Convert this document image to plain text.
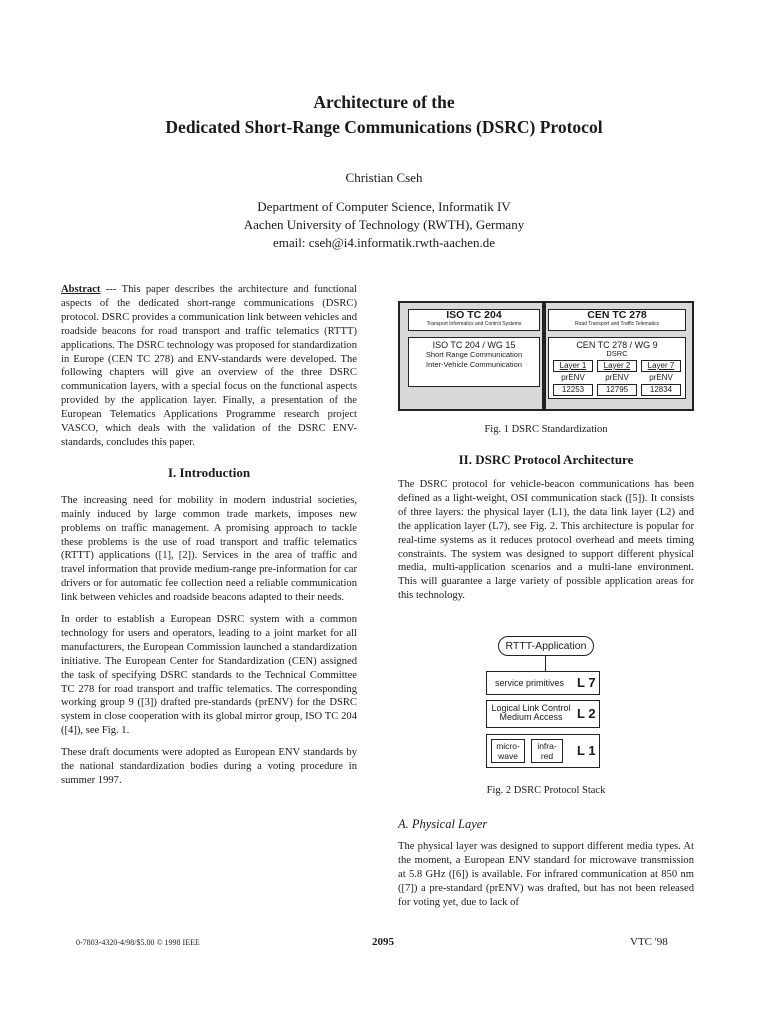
Architecture of the
Dedicated Short-Range Communications (DSRC) Protocol
Christian Cseh
Department of Computer Science, Informatik IV
Aachen University of Technology (RWTH), Germany
email: cseh@i4.informatik.rwth-aachen.de

Abstract --- This paper describes the architecture and functional aspects of the dedicated short-range communications (DSRC) protocol. DSRC provides a communication link between vehicles and roadside beacons for road transport and traffic telematics (RTTT) applications. The DSRC technology was proposed for standardization in Europe (CEN TC 278) and ENV-standards were developed. The following chapters will give an overview of the three DSRC communication layers, with a special focus on the functional aspects provided by the application layer. Finally, a presentation of the European Telematics Applications Programme research project VASCO, which deals with the validation of the DSRC ENV-standards, concludes this paper.

I. Introduction

The increasing need for mobility in modern industrial societies, mainly induced by large common trade markets, imposes new problems on traffic management. A promising approach to tackle these problems is the use of road transport and traffic telematics (RTTT) applications ([1], [2]). Services in the area of traffic and travel information that provide medium-range pre-information for car drivers or for automatic fee collection need a reliable communication link between vehicles and roadside beacons adapted to their needs.

In order to establish a European DSRC system with a common technology for users and operators, leading to a joint market for all manufacturers, the European Commission launched a standardization initiative. The European Center for Standardization (CEN) assigned the task of specifying DSRC standards to the Technical Committee TC 278 for road transport and traffic telematics. The corresponding working group 9 ([3]) drafted pre-standards (prENV) for the DSRC system in close cooperation with its global mirror group, ISO TC 204 ([4]), see Fig. 1.

These draft documents were adopted as European ENV standards by the national standardization bodies during a voting procedure in summer 1997.

ISO TC 204
Transport Informatics and Control Systems
CEN TC 278
Road Transport and Traffic Telematics
ISO TC 204 / WG 15
Short Range Communication
Inter-Vehicle Communication
CEN TC 278 / WG 9
DSRC
Layer 1	Layer 2	Layer 7
prENV	prENV	prENV
12253	12795	12834
Fig. 1 DSRC Standardization
II. DSRC Protocol Architecture
The DSRC protocol for vehicle-beacon communications has been defined as a light-weight, OSI communication stack ([5]). It consists of three layers: the physical layer (L1), the data link layer (L2) and the application layer (L7), see Fig. 2. This architecture is popular for real-time systems as it reduces protocol overhead and meets timing constraints. The system was designed to support different physical media, multi-application scenarios and a multi-lane environment. This will guarantee a large variety of possible application areas for this technology.
RTTT-Application
service primitives L 7
Logical Link Control
Medium Access	L 2
micro-
wave
infra-
red	L 1
Fig. 2 DSRC Protocol Stack
A. Physical Layer
The physical layer was designed to support different media types. At the moment, a European ENV standard for microwave transmission at 5.8 GHz ([6]) is available. For infrared communication at 850 nm ([7]) a pre-standard (prENV) was drafted, but has not been released for voting yet, due to lack of
0-7803-4320-4/98/$5.00 © 1998 IEEE	2095	VTC '98
